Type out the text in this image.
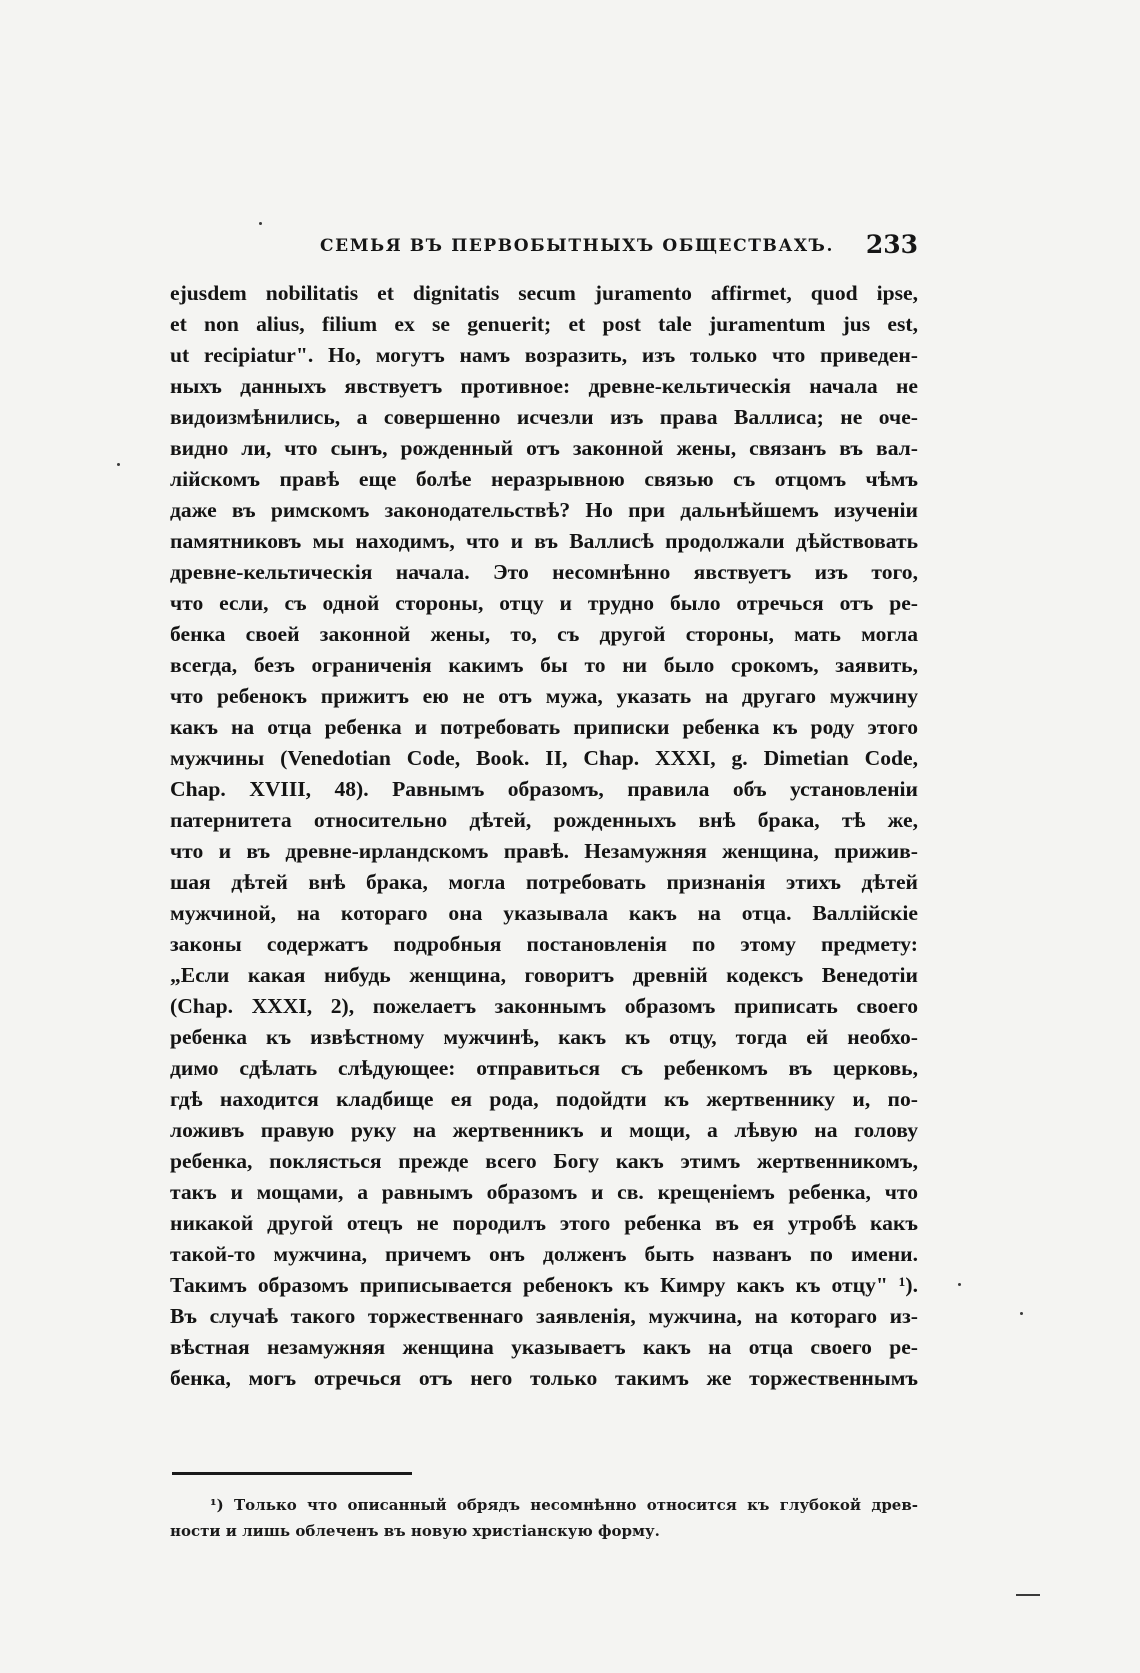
СЕМЬЯ ВЪ ПЕРВОБЫТНЫХЪ ОБЩЕСТВАХЪ. 233
ejusdem nobilitatis et dignitatis secum juramento affirmet, quod ipse,
et non alius, filium ex se genuerit; et post tale juramentum jus est,
ut recipiatur". Но, могутъ намъ возразить, изъ только что приведен-
ныхъ данныхъ явствуетъ противное: древне-кельтическія начала не
видоизмѣнились, а совершенно исчезли изъ права Валлиса; не оче-
видно ли, что сынъ, рожденный отъ законной жены, связанъ въ вал-
лійскомъ правѣ еще болѣе неразрывною связью съ отцомъ чѣмъ
даже въ римскомъ законодательствѣ? Но при дальнѣйшемъ изученіи
памятниковъ мы находимъ, что и въ Валлисѣ продолжали дѣйствовать
древне-кельтическія начала. Это несомнѣнно явствуетъ изъ того,
что если, съ одной стороны, отцу и трудно было отречься отъ ре-
бенка своей законной жены, то, съ другой стороны, мать могла
всегда, безъ ограниченія какимъ бы то ни было срокомъ, заявить,
что ребенокъ прижитъ ею не отъ мужа, указать на другаго мужчину
какъ на отца ребенка и потребовать приписки ребенка къ роду этого
мужчины (Venedotian Code, Book. II, Chap. XXXI, g. Dimetian Code,
Chap. XVIII, 48). Равнымъ образомъ, правила объ установленіи
патернитета относительно дѣтей, рожденныхъ внѣ брака, тѣ же,
что и въ древне-ирландскомъ правѣ. Незамужняя женщина, прижив-
шая дѣтей внѣ брака, могла потребовать признанія этихъ дѣтей
мужчиной, на котораго она указывала какъ на отца. Валлійскіе
законы содержатъ подробныя постановленія по этому предмету:
„Если какая нибудь женщина, говоритъ древній кодексъ Венедотіи
(Chap. XXXI, 2), пожелаетъ законнымъ образомъ приписать своего
ребенка къ извѣстному мужчинѣ, какъ къ отцу, тогда ей необхо-
димо сдѣлать слѣдующее: отправиться съ ребенкомъ въ церковь,
гдѣ находится кладбище ея рода, подойдти къ жертвеннику и, по-
ложивъ правую руку на жертвенникъ и мощи, а лѣвую на голову
ребенка, поклясться прежде всего Богу какъ этимъ жертвенникомъ,
такъ и мощами, а равнымъ образомъ и св. крещеніемъ ребенка, что
никакой другой отецъ не породилъ этого ребенка въ ея утробѣ какъ
такой-то мужчина, причемъ онъ долженъ быть названъ по имени.
Такимъ образомъ приписывается ребенокъ къ Кимру какъ къ отцу" ¹).
Въ случаѣ такого торжественнаго заявленія, мужчина, на котораго из-
вѣстная незамужняя женщина указываетъ какъ на отца своего ре-
бенка, могъ отречься отъ него только такимъ же торжественнымъ
¹) Только что описанный обрядъ несомнѣнно относится къ глубокой древ-
ности и лишь облеченъ въ новую христіанскую форму.
